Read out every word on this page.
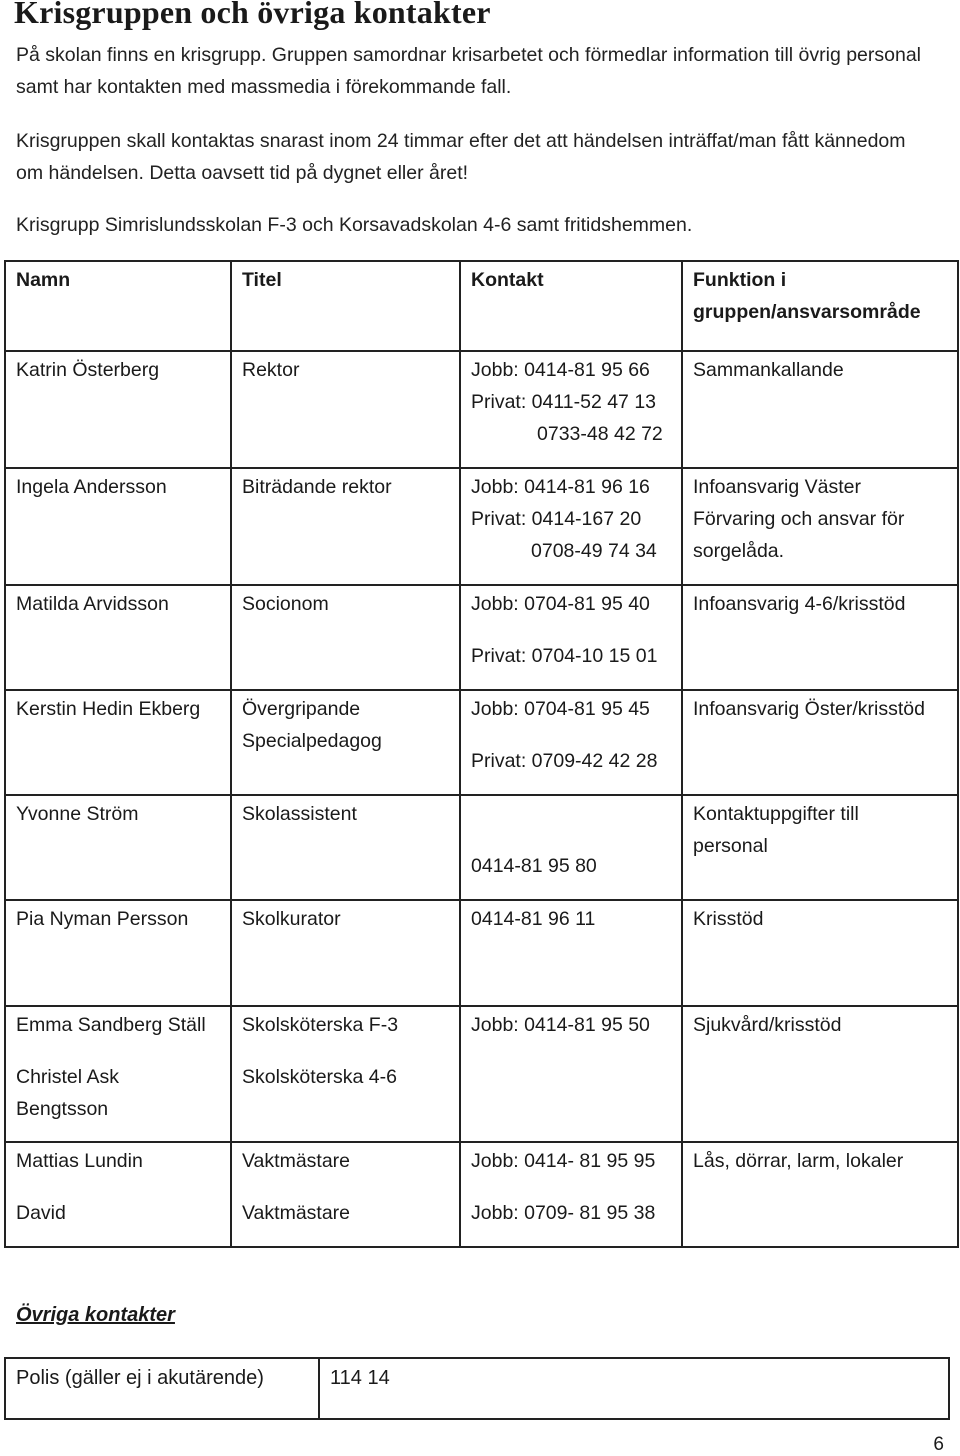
Krisgruppen och övriga kontakter

På skolan finns en krisgrupp. Gruppen samordnar krisarbetet och förmedlar information till övrig personal samt har kontakten med massmedia i förekommande fall.

Krisgruppen skall kontaktas snarast inom 24 timmar efter det att händelsen inträffat/man fått kännedom om händelsen. Detta oavsett tid på dygnet eller året!

Krisgrupp Simrislundsskolan F-3 och Korsavadskolan 4-6 samt fritidshemmen.

Namn	Titel	Kontakt	Funktion i
gruppen/ansvarsområde

Katrin Österberg	Rektor	Jobb: 0414-81 95 66
Privat: 0411-52 47 13
0733-48 42 72	Sammankallande

Ingela Andersson	Biträdande rektor	Jobb: 0414-81 96 16
Privat: 0414-167 20
0708-49 74 34	Infoansvarig Väster
Förvaring och ansvar för
sorgelåda.

Matilda Arvidsson	Socionom	Jobb: 0704-81 95 40
Privat: 0704-10 15 01	Infoansvarig 4-6/krisstöd

Kerstin Hedin Ekberg	Övergripande
Specialpedagog	Jobb: 0704-81 95 45
Privat: 0709-42 42 28	Infoansvarig Öster/krisstöd

Yvonne Ström	Skolassistent	0414-81 95 80	Kontaktuppgifter till
personal

Pia Nyman Persson	Skolkurator	0414-81 96 11	Krisstöd

Emma Sandberg Ställ
Christel Ask
Bengtsson	Skolsköterska F-3
Skolsköterska 4-6	Jobb: 0414-81 95 50	Sjukvård/krisstöd

Mattias Lundin
David	Vaktmästare
Vaktmästare	Jobb: 0414- 81 95 95
Jobb: 0709- 81 95 38	Lås, dörrar, larm, lokaler
Övriga kontakter
Polis (gäller ej i akutärende)	114 14
6
